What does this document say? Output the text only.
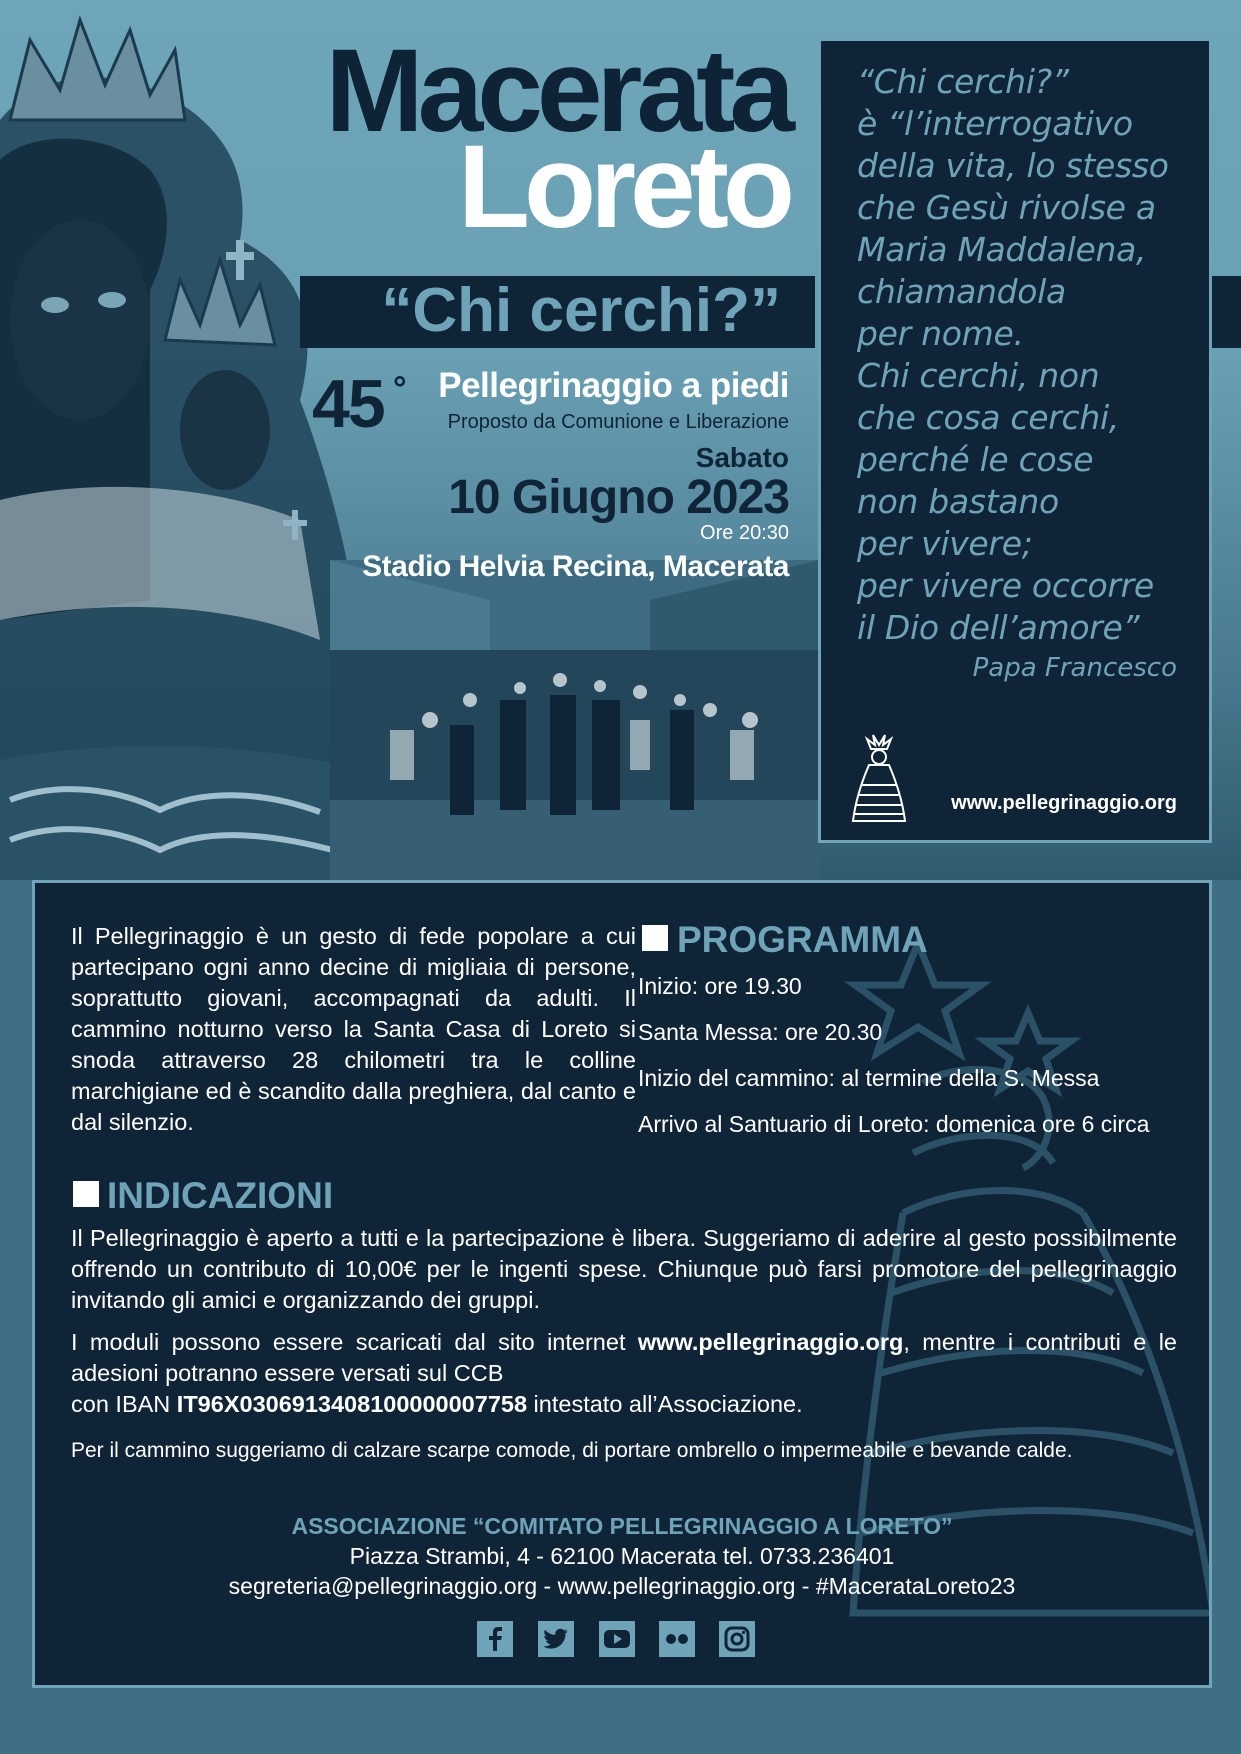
Macerata
Loreto
“Chi cerchi?”
45 ° Pellegrinaggio a piedi
Proposto da Comunione e Liberazione
Sabato
10 Giugno 2023
Ore 20:30
Stadio Helvia Recina, Macerata
“Chi cerchi?”
è “l’interrogativo
della vita, lo stesso
che Gesù rivolse a
Maria Maddalena,
chiamandola
per nome.
Chi cerchi, non
che cosa cerchi,
perché le cose
non bastano
per vivere;
per vivere occorre
il Dio dell’amore”
Papa Francesco
www.pellegrinaggio.org
Il Pellegrinaggio è un gesto di fede popolare a cui partecipano ogni anno decine di migliaia di persone, soprattutto giovani, accompagnati da adulti. Il cammino notturno verso la Santa Casa di Loreto si snoda attraverso 28 chilometri tra le colline marchigiane ed è scandito dalla preghiera, dal canto e dal silenzio.
PROGRAMMA
Inizio: ore 19.30
Santa Messa: ore 20.30
Inizio del cammino: al termine della S. Messa
Arrivo al Santuario di Loreto: domenica ore 6 circa
INDICAZIONI
Il Pellegrinaggio è aperto a tutti e la partecipazione è libera. Suggeriamo di aderire al gesto possibilmente offrendo un contributo di 10,00€ per le ingenti spese. Chiunque può farsi promotore del pellegrinaggio invitando gli amici e organizzando dei gruppi.
I moduli possono essere scaricati dal sito internet www.pellegrinaggio.org, mentre i contributi e le adesioni potranno essere versati sul CCB
con IBAN IT96X0306913408100000007758 intestato all’Associazione.
Per il cammino suggeriamo di calzare scarpe comode, di portare ombrello o impermeabile e bevande calde.
ASSOCIAZIONE “COMITATO PELLEGRINAGGIO A LORETO”
Piazza Strambi, 4 - 62100 Macerata tel. 0733.236401
segreteria@pellegrinaggio.org - www.pellegrinaggio.org - #MacerataLoreto23
